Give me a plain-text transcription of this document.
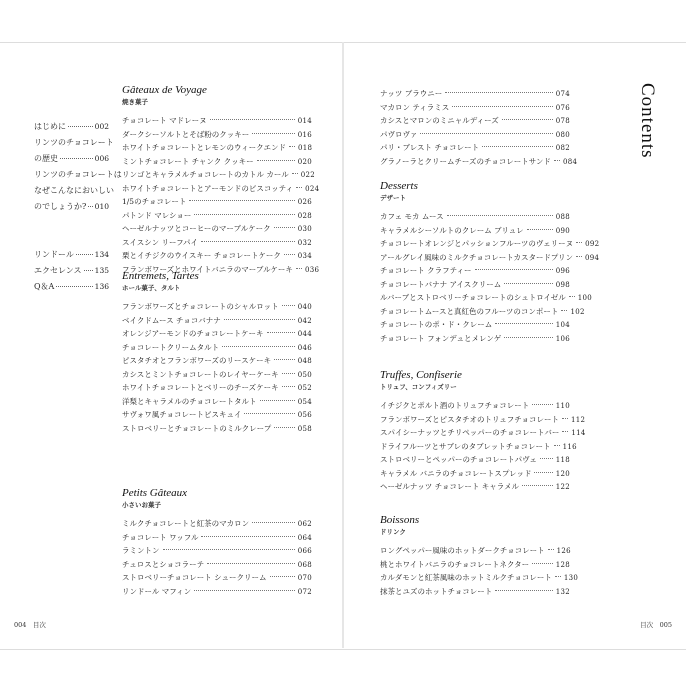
はじめに	002
リンツのチョコレート
の歴史	006
リンツのチョコレートは
なぜこんなにおいしい
のでしょうか? 010
リンドール	134
エクセレンス 135
Q＆A	136
Gâteaux de Voyage
焼き菓子
チョコレート マドレーヌ	014
ダークシーソルトとそば粉のクッキー	016
ホワイトチョコレートとレモンのウィークエンド 018
ミントチョコレート チャンク クッキー	020
リンゴとキャラメルチョコレートのカトル カール 022
ホワイトチョコレートとアーモンドのビスコッティ 024
1/5のチョコレート	026
パトンド マレショー	028
ヘーゼルナッツとコーヒーのマーブルケーク	030
スイスシン リーフパイ	032
栗とイチジクのウイスキー チョコレートケーク 034
フランボワーズとホワイトバニラのマーブルケーキ 036
Entremets, Tartes
ホール菓子、タルト
フランボワーズとチョコレートのシャルロット	040
ベイクドムース チョコバナナ	042
オレンジアーモンドのチョコレートケーキ	044
チョコレートクリームタルト	046
ピスタチオとフランボワーズのリースケーキ	048
カシスとミントチョコレートのレイヤーケーキ	050
ホワイトチョコレートとベリーのチーズケーキ	052
洋梨とキャラメルのチョコレートタルト	054
サヴォワ風チョコレートビスキュイ	056
ストロベリーとチョコレートのミルクレープ	058
Petits Gâteaux
小さいお菓子
ミルクチョコレートと紅茶のマカロン	062
チョコレート ワッフル	064
ラミントン	066
チュロスとショコラーテ	068
ストロベリーチョコレート シュークリーム	070
リンドール マフィン	072
ナッツ ブラウニー	074
マカロン ティラミス	076
カシスとマロンのミニャルディーズ	078
パヴロヴァ	080
パリ・ブレスト チョコレート	082
グラノーラとクリームチーズのチョコレートサンド 084
Desserts
デザート
カフェ モカ ムース	088
キャラメルシーソルトのクレーム ブリュレ	090
チョコレートオレンジとパッションフルーツのヴェリーヌ 092
アールグレイ風味のミルクチョコレートカスタードプリン 094
チョコレート クラフティー	096
チョコレートバナナ アイスクリーム	098
ルバーブとストロベリーチョコレートのシュトロイゼル 100
チョコレートムースと真紅色のフルーツのコンポート 102
チョコレートのポ・ド・クレーム	104
チョコレート フォンデュとメレンゲ	106
Truffes, Confiserie
トリュフ、コンフィズリー
イチジクとポルト酒のトリュフチョコレート	110
フランボワーズとピスタチオのトリュフチョコレート 112
スパイシーナッツとチリペッパーのチョコレートバー 114
ドライフルーツとサブレのタブレットチョコレート 116
ストロベリーとペッパーのチョコレートパヴェ	118
キャラメル バニラのチョコレートスプレッド	120
ヘーゼルナッツ チョコレート キャラメル	122
Boissons
ドリンク
ロングペッパー風味のホットダークチョコレート 126
桃とホワイトバニラのチョコレートネクター	128
カルダモンと紅茶風味のホットミルクチョコレート 130
抹茶とユズのホットチョコレート	132
Contents
004　目次	目次　005
